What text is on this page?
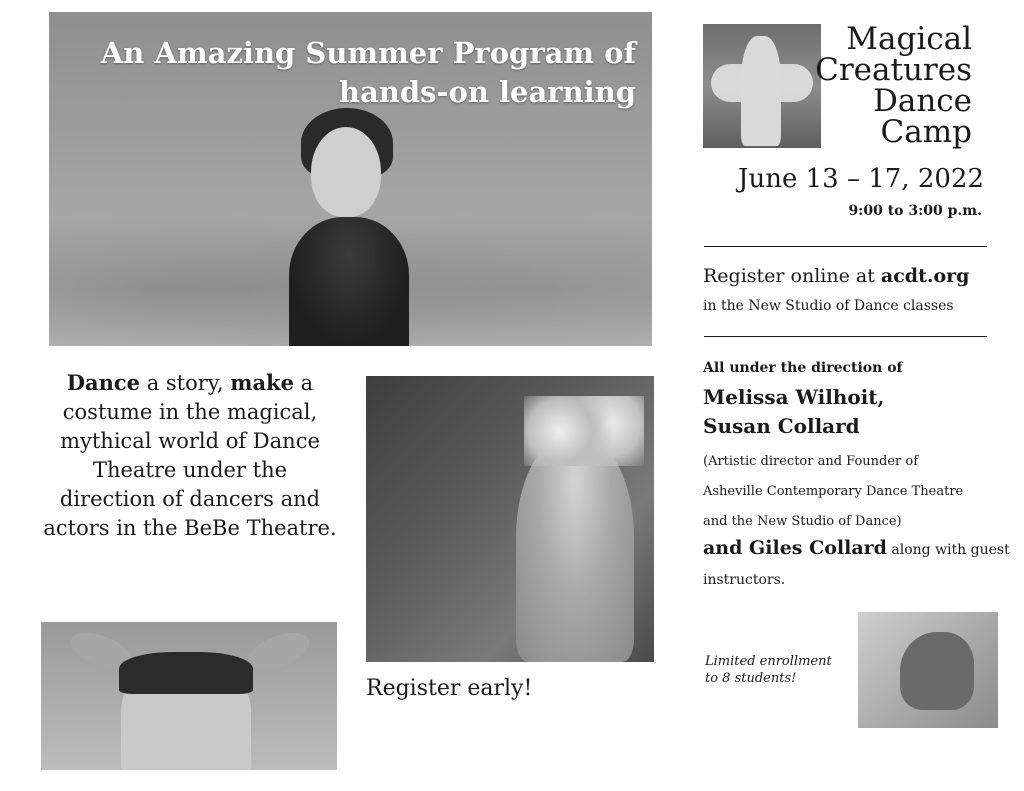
An Amazing Summer Program of
hands-on learning
Magical
Creatures
Dance
Camp
June 13 – 17, 2022
9:00 to 3:00 p.m.
Register online at acdt.org
in the New Studio of Dance classes
All under the direction of
Melissa Wilhoit,
Susan Collard
(Artistic director and Founder of
Asheville Contemporary Dance Theatre
and the New Studio of Dance)
and Giles Collard along with guest instructors.
Dance a story, make a costume in the magical, mythical world of Dance Theatre under the direction of dancers and actors in the BeBe Theatre.
Register early!
Limited enrollment
to 8 students!
